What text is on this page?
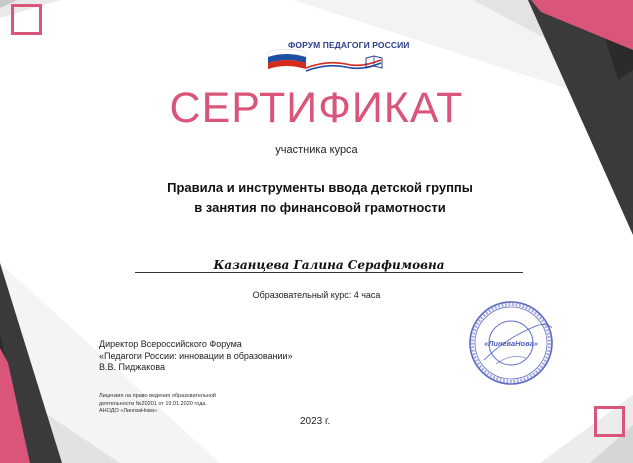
ФОРУМ ПЕДАГОГИ РОССИИ
СЕРТИФИКАТ
участника курса
Правила и инструменты ввода детской группы
в занятия по финансовой грамотности
Казанцева Галина Серафимовна
Образовательный курс: 4 часа
Директор Всероссийского Форума
«Педагоги России: инновации в образовании»
В.В. Пиджакова
Лицензия на право ведения образовательной
деятельности №20201 от 19.01.2020 года.
АНОДО «ЛингваНова»
2023 г.
«ЛингваНова»
